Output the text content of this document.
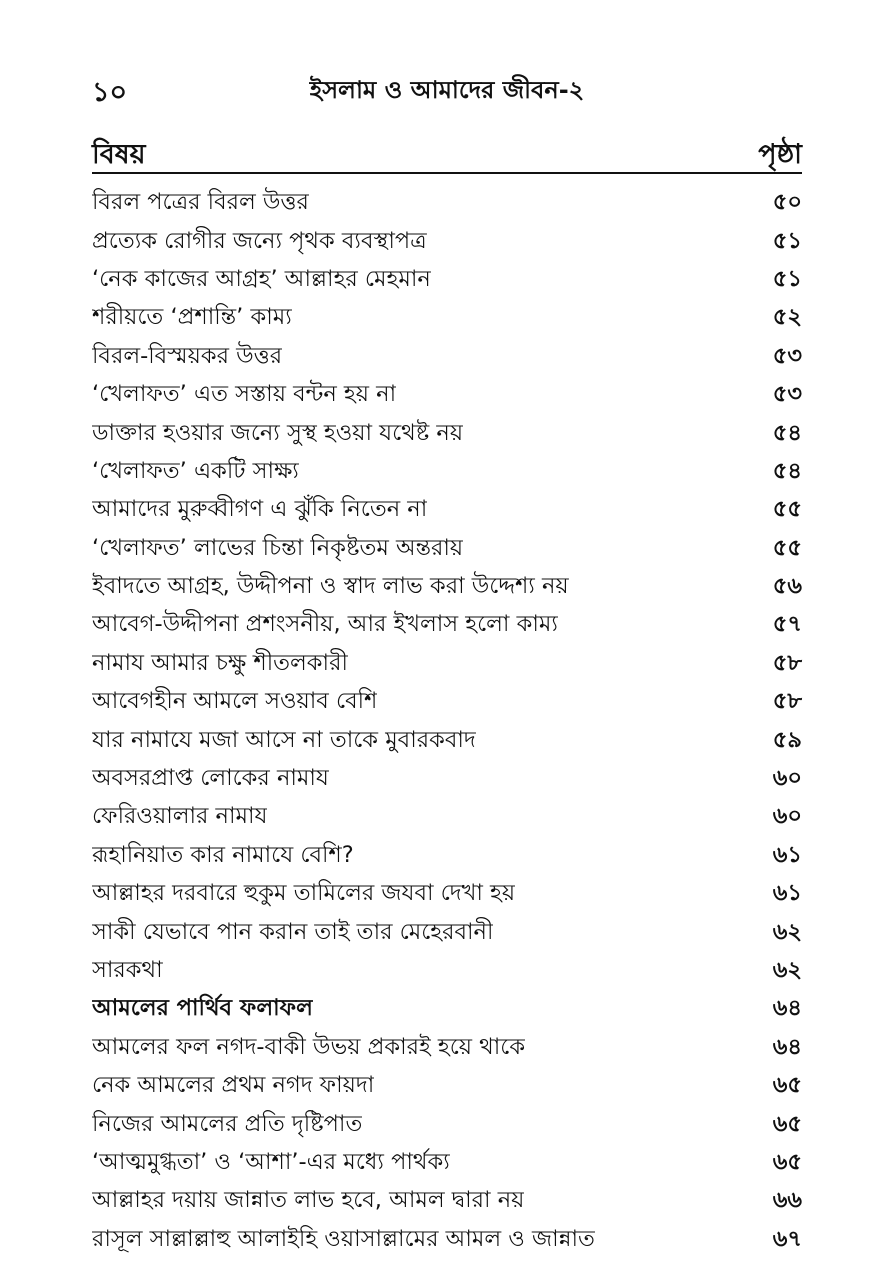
১০	ইসলাম ও আমাদের জীবন-২
বিষয়	পৃষ্ঠা
বিরল পত্রের বিরল উত্তর	৫০
প্রত্যেক রোগীর জন্যে পৃথক ব্যবস্থাপত্র	৫১
‘নেক কাজের আগ্রহ’ আল্লাহর মেহমান	৫১
শরীয়তে ‘প্রশান্তি’ কাম্য	৫২
বিরল-বিস্ময়কর উত্তর	৫৩
‘খেলাফত’ এত সস্তায় বন্টন হয় না	৫৩
ডাক্তার হওয়ার জন্যে সুস্থ হওয়া যথেষ্ট নয়	৫৪
‘খেলাফত’ একটি সাক্ষ্য	৫৪
আমাদের মুরুব্বীগণ এ ঝুঁকি নিতেন না	৫৫
‘খেলাফত’ লাভের চিন্তা নিকৃষ্টতম অন্তরায়	৫৫
ইবাদতে আগ্রহ, উদ্দীপনা ও স্বাদ লাভ করা উদ্দেশ্য নয়	৫৬
আবেগ-উদ্দীপনা প্রশংসনীয়, আর ইখলাস হলো কাম্য	৫৭
নামায আমার চক্ষু শীতলকারী	৫৮
আবেগহীন আমলে সওয়াব বেশি	৫৮
যার নামাযে মজা আসে না তাকে মুবারকবাদ	৫৯
অবসরপ্রাপ্ত লোকের নামায	৬০
ফেরিওয়ালার নামায	৬০
রূহানিয়াত কার নামাযে বেশি?	৬১
আল্লাহর দরবারে হুকুম তামিলের জযবা দেখা হয়	৬১
সাকী যেভাবে পান করান তাই তার মেহেরবানী	৬২
সারকথা	৬২
আমলের পার্থিব ফলাফল	৬৪
আমলের ফল নগদ-বাকী উভয় প্রকারই হয়ে থাকে	৬৪
নেক আমলের প্রথম নগদ ফায়দা	৬৫
নিজের আমলের প্রতি দৃষ্টিপাত	৬৫
‘আত্মমুগ্ধতা’ ও ‘আশা’-এর মধ্যে পার্থক্য	৬৫
আল্লাহর দয়ায় জান্নাত লাভ হবে, আমল দ্বারা নয়	৬৬
রাসূল সাল্লাল্লাহু আলাইহি ওয়াসাল্লামের আমল ও জান্নাত	৬৭
